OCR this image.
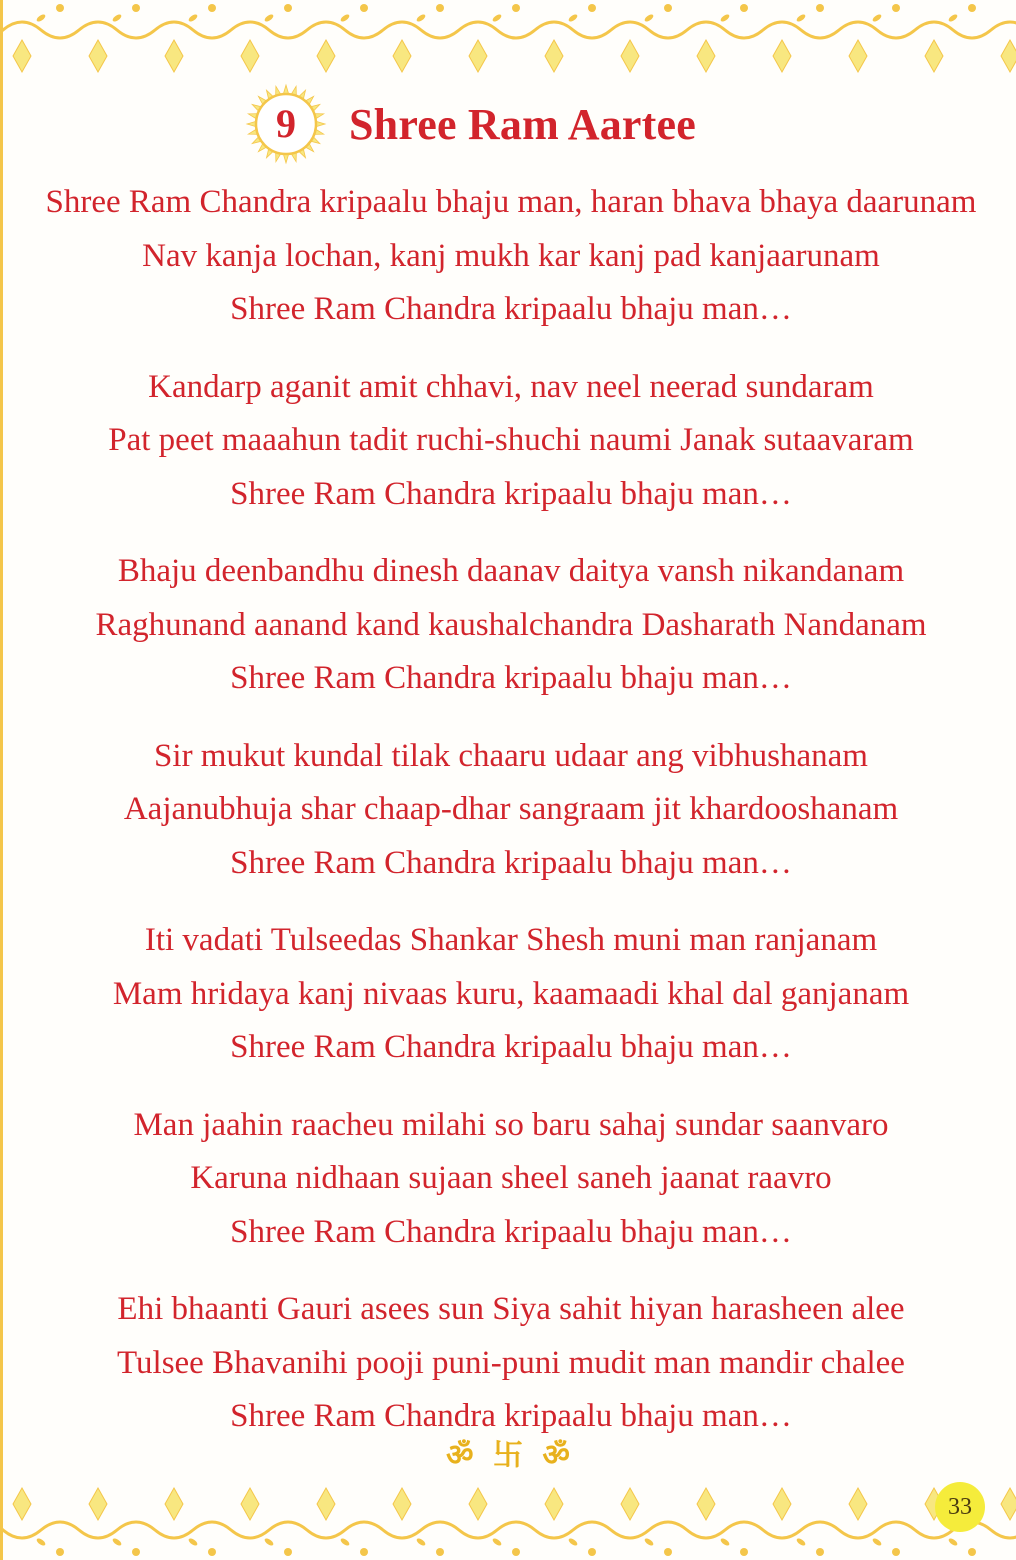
9	Shree Ram Aartee
Shree Ram Chandra kripaalu bhaju man, haran bhava bhaya daarunam
Nav kanja lochan, kanj mukh kar kanj pad kanjaarunam
Shree Ram Chandra kripaalu bhaju man…
Kandarp aganit amit chhavi, nav neel neerad sundaram
Pat peet maaahun tadit ruchi-shuchi naumi Janak sutaavaram
Shree Ram Chandra kripaalu bhaju man…
Bhaju deenbandhu dinesh daanav daitya vansh nikandanam
Raghunand aanand kand kaushalchandra Dasharath Nandanam
Shree Ram Chandra kripaalu bhaju man…
Sir mukut kundal tilak chaaru udaar ang vibhushanam
Aajanubhuja shar chaap-dhar sangraam jit khardooshanam
Shree Ram Chandra kripaalu bhaju man…
Iti vadati Tulseedas Shankar Shesh muni man ranjanam
Mam hridaya kanj nivaas kuru, kaamaadi khal dal ganjanam
Shree Ram Chandra kripaalu bhaju man…
Man jaahin raacheu milahi so baru sahaj sundar saanvaro
Karuna nidhaan sujaan sheel saneh jaanat raavro
Shree Ram Chandra kripaalu bhaju man…
Ehi bhaanti Gauri asees sun Siya sahit hiyan harasheen alee
Tulsee Bhavanihi pooji puni-puni mudit man mandir chalee
Shree Ram Chandra kripaalu bhaju man…
ॐ 卐 ॐ
33
